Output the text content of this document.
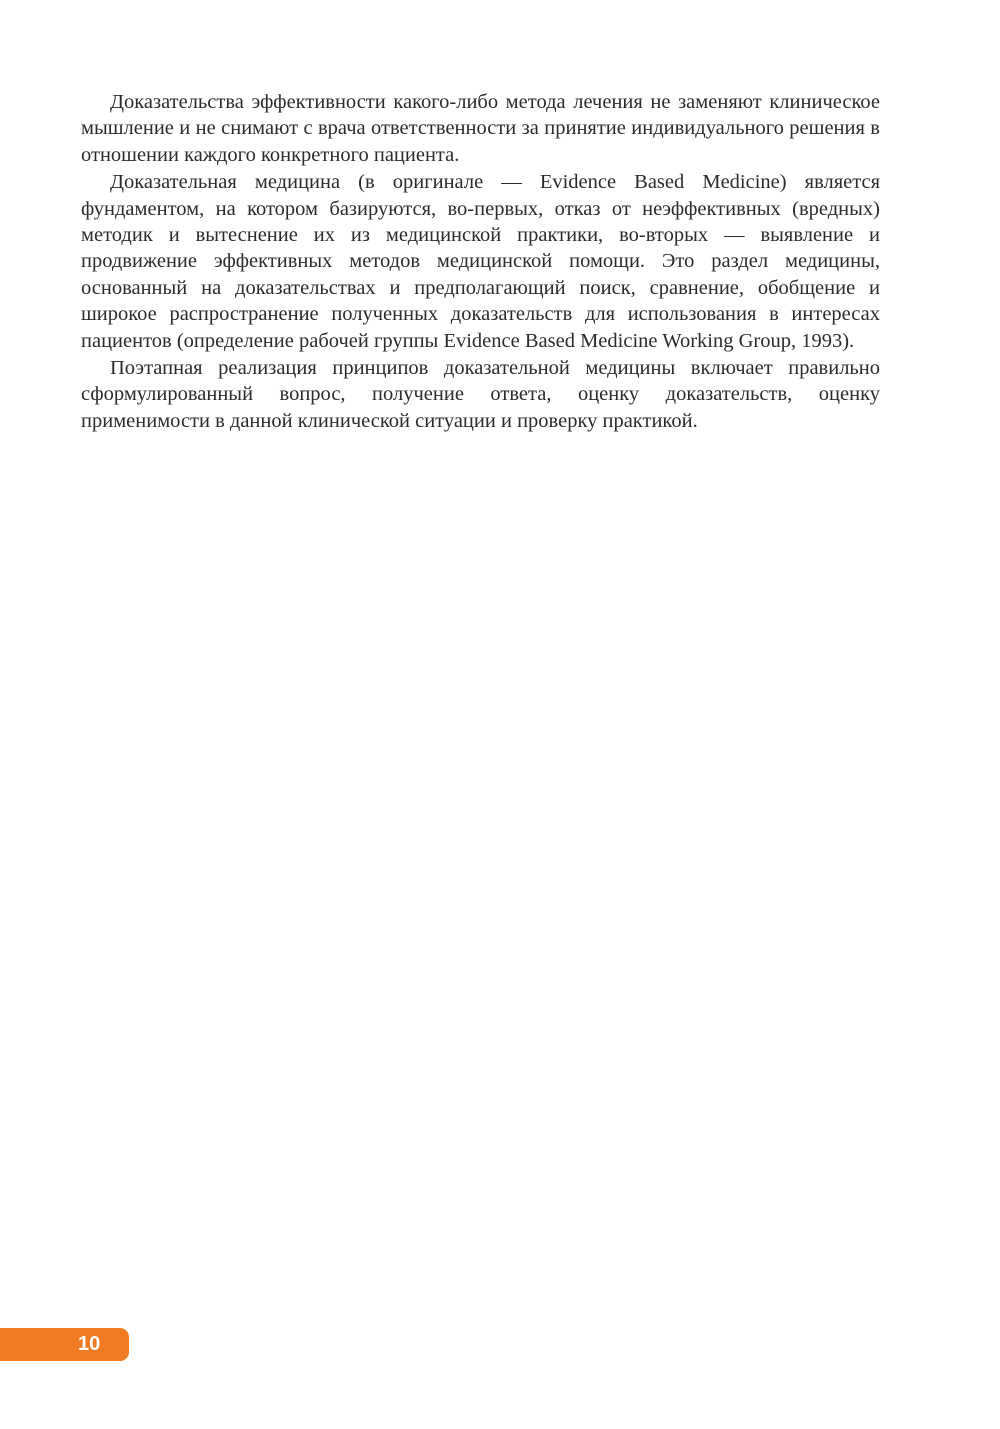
Доказательства эффективности какого-либо метода лечения не заменяют клиническое мышление и не снимают с врача ответственности за принятие индивидуального решения в отношении каждого конкретного пациента.

Доказательная медицина (в оригинале — Evidence Based Medicine) является фундаментом, на котором базируются, во-первых, отказ от неэффективных (вредных) методик и вытеснение их из медицинской практики, во-вторых — выявление и продвижение эффективных методов медицинской помощи. Это раздел медицины, основанный на доказательствах и предполагающий поиск, сравнение, обобщение и широкое распространение полученных доказательств для использования в интересах пациентов (определение рабочей группы Evidence Based Medicine Working Group, 1993).

Поэтапная реализация принципов доказательной медицины включает правильно сформулированный вопрос, получение ответа, оценку доказательств, оценку применимости в данной клинической ситуации и проверку практикой.

10
